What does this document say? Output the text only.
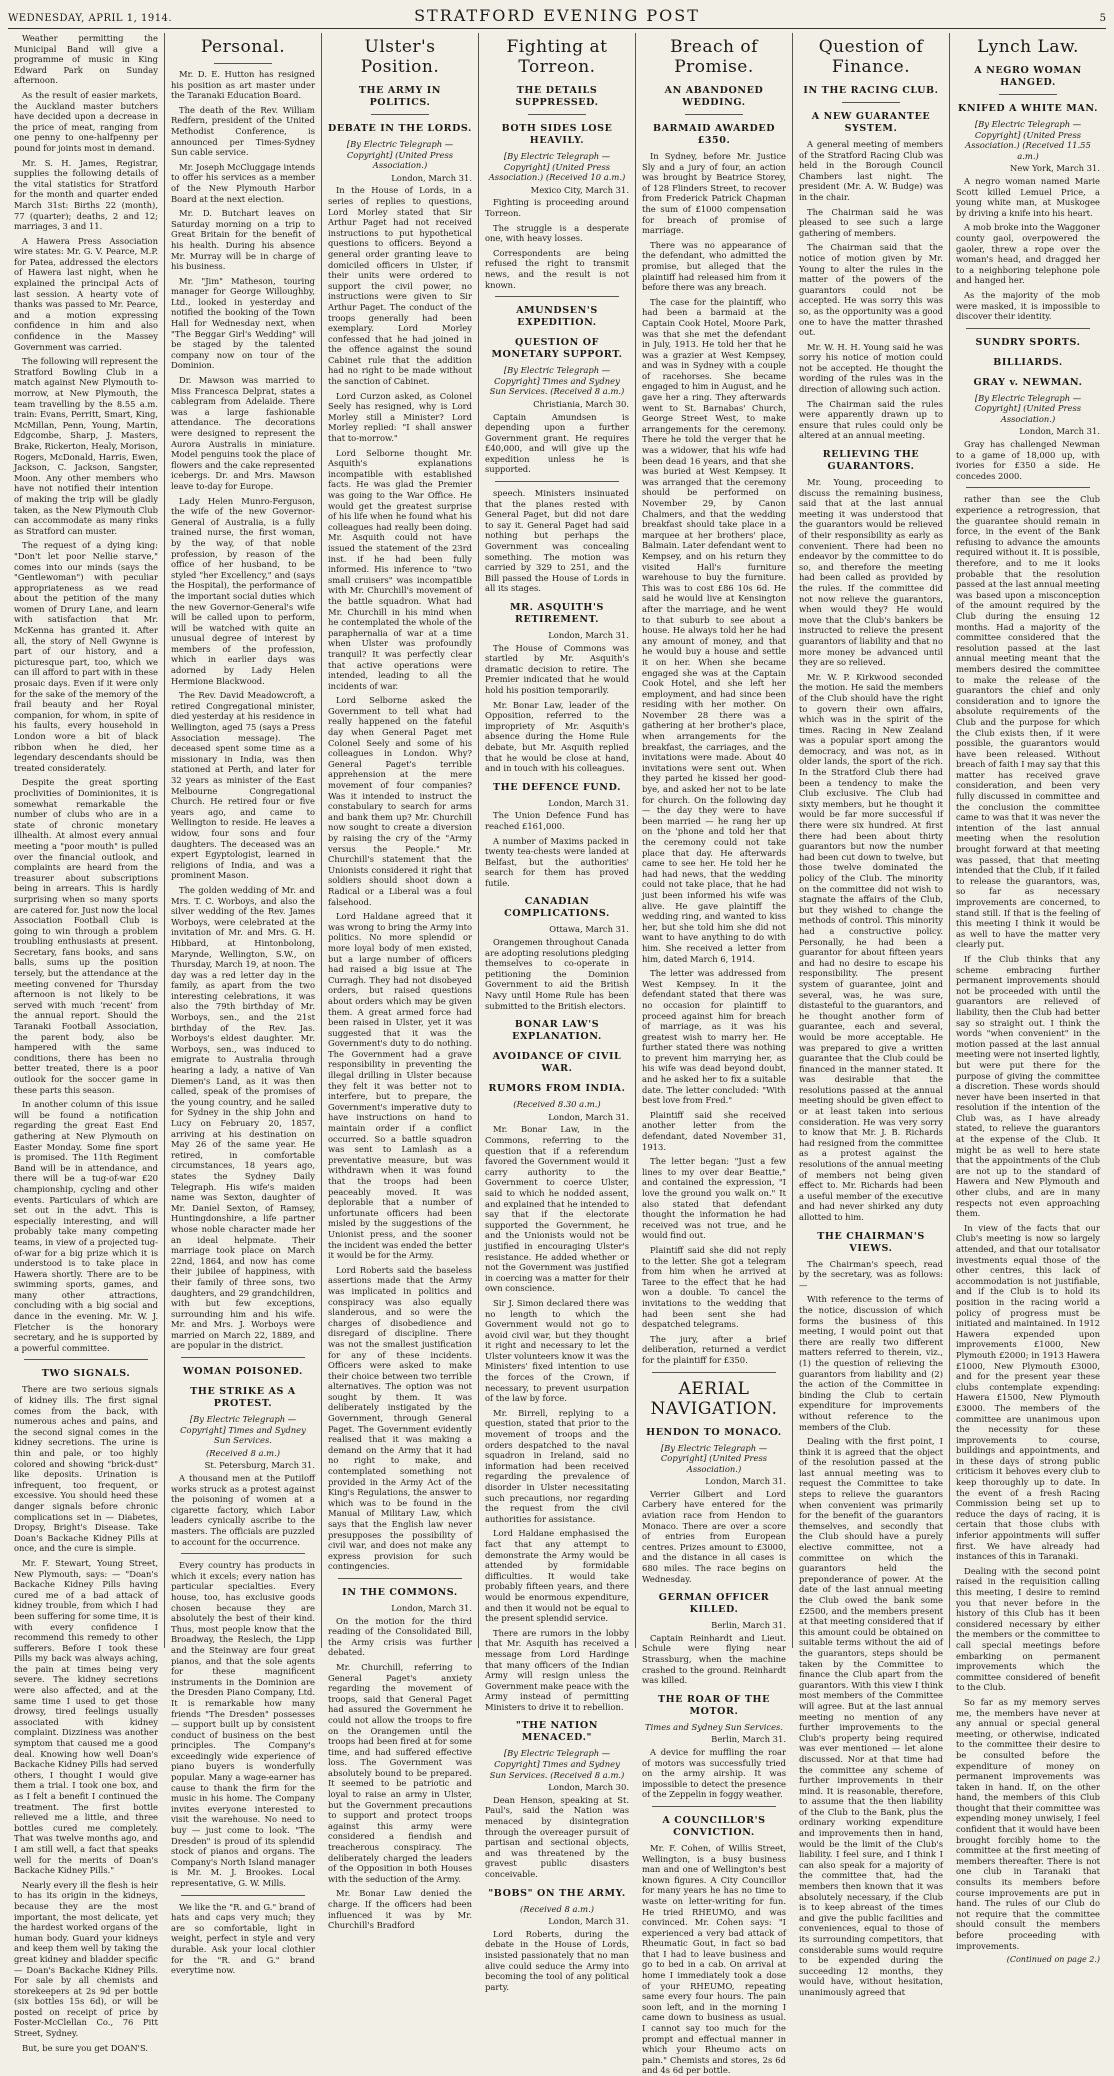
WEDNESDAY, APRIL 1, 1914.	STRATFORD EVENING POST	5

Weather permitting the Municipal Band will give a programme of music in King Edward Park on Sunday afternoon.

As the result of easier markets, the Auckland master butchers have decided upon a decrease in the price of meat, ranging from one penny to one-halfpenny per pound for joints most in demand.

Mr. S. H. James, Registrar, supplies the following details of the vital statistics for Stratford for the month and quarter ended March 31st: Births 22 (month), 77 (quarter); deaths, 2 and 12; marriages, 3 and 11.

A Hawera Press Association wire states: Mr. G. V. Pearce, M.P. for Patea, addressed the electors of Hawera last night, when he explained the principal Acts of last session. A hearty vote of thanks was passed to Mr. Pearce, and a motion expressing confidence in him and also confidence in the Massey Government was carried.

The following will represent the Stratford Bowling Club in a match against New Plymouth to-morrow, at New Plymouth, the team travelling by the 8.55 a.m. train: Evans, Perritt, Smart, King, McMillan, Penn, Young, Martin, Edgcombe, Sharp, J. Masters, Brake, Rickerton, Healy, Morison, Rogers, McDonald, Harris, Ewen, Jackson, C. Jackson, Sangster, Moon. Any other members who have not notified their intention of making the trip will be gladly taken, as the New Plymouth Club can accommodate as many rinks as Stratford can muster.

The request of a dying king: "Don't let poor Nellie starve," comes into our minds (says the "Gentlewoman") with peculiar appropriateness as we read about the petition of the many women of Drury Lane, and learn with satisfaction that Mr. McKenna has granted it. After all, the story of Nell Gwynne is part of our history, and a picturesque part, too, which we can ill afford to part with in these prosaic days. Even if it were only for the sake of the memory of the frail beauty and her Royal companion, for whom, in spite of his faults, every household in London wore a bit of black ribbon when he died, her legendary descendants should be treated considerately.

Despite the great sporting proclivities of Dominionites, it is somewhat remarkable the number of clubs who are in a state of chronic monetary illhealth. At almost every annual meeting a "poor mouth" is pulled over the financial outlook, and complaints are heard from the treasurer about subscriptions being in arrears. This is hardly surprising when so many sports are catered for. Just now the local Association Football Club is going to win through a problem troubling enthusiasts at present. Secretary, fans books, and sans balls, sums up the position tersely, but the attendance at the meeting convened for Thursday afternoon is not likely to be served with much ‘recent’ from the annual report. Should the Taranaki Football Association, the parent body, also be hampered with the same conditions, there has been no better treated, there is a poor outlook for the soccer game in these parts this season.

In another column of this issue will be found a notification regarding the great East End gathering at New Plymouth on Easter Monday. Some fine sport is promised. The 11th Regiment Band will be in attendance, and there will be a tug-of-war £20 championship, cycling and other events. Particulars of which are set out in the advt. This is especially interesting, and will probably take many competing teams, in view of a projected tug-of-war for a big prize which it is understood is to take place in Hawera shortly. There are to be swimming sports, games, and many other attractions, concluding with a big social and dance in the evening. Mr. W. J. Fletcher is the honorary secretary, and he is supported by a powerful committee.

TWO SIGNALS.

There are two serious signals of kidney ills. The first signal comes from the back, with numerous aches and pains, and the second signal comes in the kidney secretions. The urine is thin and pale, or too highly colored and showing "brick-dust" like deposits. Urination is infrequent, too frequent, or excessive. You should heed these danger signals before chronic complications set in — Diabetes, Dropsy, Bright's Disease. Take Doan's Backache Kidney Pills at once, and the cure is simple.

Mr. F. Stewart, Young Street, New Plymouth, says: — "Doan's Backache Kidney Pills having cured me of a bad attack of kidney trouble, from which I had been suffering for some time, it is with every confidence I recommend this remedy to other sufferers. Before I took these Pills my back was always aching, the pain at times being very severe. The kidney secretions were also affected, and at the same time I used to get those drowsy, tired feelings usually associated with kidney complaint. Dizziness was another symptom that caused me a good deal. Knowing how well Doan's Backache Kidney Pills had served others, I thought I would give them a trial. I took one box, and as I felt a benefit I continued the treatment. The first bottle relieved me a little, and three bottles cured me completely. That was twelve months ago, and I am still well, a fact that speaks well for the merits of Doan's Backache Kidney Pills."

Nearly every ill the flesh is heir to has its origin in the kidneys, because they are the most important, the most delicate, yet the hardest worked organs of the human body. Guard your kidneys and keep them well by taking the great kidney and bladder specific — Doan's Backache Kidney Pills. For sale by all chemists and storekeepers at 2s 9d per bottle (six bottles 15s 6d), or will be posted on receipt of price by Foster-McClellan Co., 76 Pitt Street, Sydney.

But, be sure you get DOAN'S.

Personal.

Mr. D. E. Hutton has resigned his position as art master under the Taranaki Education Board.

The death of the Rev. William Redfern, president of the United Methodist Conference, is announced per Times-Sydney Sun cable service.

Mr. Joseph McCluggage intends to offer his services as a member of the New Plymouth Harbor Board at the next election.

Mr. D. Butchart leaves on Saturday morning on a trip to Great Britain for the benefit of his health. During his absence Mr. Murray will be in charge of his business.

Mr. "Jim" Matheson, touring manager for George Willoughby, Ltd., looked in yesterday and notified the booking of the Town Hall for Wednesday next, when "The Beggar Girl's Wedding" will be staged by the talented company now on tour of the Dominion.

Dr. Mawson was married to Miss Francesca Delprat, states a cablegram from Adelaide. There was a large fashionable attendance. The decorations were designed to represent the Aurora Australis in miniature. Model penguins took the place of flowers and the cake represented icebergs. Dr. and Mrs. Mawson leave to-day for Europe.

Lady Helen Munro-Ferguson, the wife of the new Governor-General of Australia, is a fully trained nurse, the first woman, by the way, of that noble profession, by reason of the office of her husband, to be styled "her Excellency," and (says the Hospital), the performance of the important social duties which the new Governor-General's wife will be called upon to perform, will be watched with quite an unusual degree of interest by members of the profession, which in earlier days was adorned by Lady Helen Hermione Blackwood.

The Rev. David Meadowcroft, a retired Congregational minister, died yesterday at his residence in Wellington, aged 75 (says a Press Association message). The deceased spent some time as a missionary in India, was then stationed at Perth, and later for 32 years as minister of the East Melbourne Congregational Church. He retired four or five years ago, and came to Wellington to reside. He leaves a widow, four sons and four daughters. The deceased was an expert Egyptologist, learned in religions of India, and was a prominent Mason.

The golden wedding of Mr. and Mrs. T. C. Worboys, and also the silver wedding of the Rev. James Worboys, were celebrated at the invitation of Mr. and Mrs. G. H. Hibbard, at Hintonbolong, Marynde, Wellington, S.W., on Thursday, March 19, at noon. The day was a red letter day in the family, as apart from the two interesting celebrations, it was also the 79th birthday of Mr. Worboys, sen., and the 21st birthday of the Rev. Jas. Worboys's eldest daughter. Mr. Worboys, sen., was induced to emigrate to Australia through hearing a lady, a native of Van Diemen's Land, as it was then called, speak of the promises of the young country, and he sailed for Sydney in the ship John and Lucy on February 20, 1857, arriving at his destination on May 26 of the same year. He retired, in comfortable circumstances, 18 years ago, states the Sydney Daily Telegraph. His wife's maiden name was Sexton, daughter of Mr. Daniel Sexton, of Ramsey, Huntingdonshire, a life partner whose noble character made her an ideal helpmate. Their marriage took place on March 22nd, 1864, and now has come their jubilee of happiness, with their family of three sons, two daughters, and 29 grandchildren, with but few exceptions, surrounding him and his wife. Mr. and Mrs. J. Worboys were married on March 22, 1889, and are popular in the district.

WOMAN POISONED.
THE STRIKE AS A PROTEST.
[By Electric Telegraph — Copyright] Times and Sydney Sun Services.
(Received 8 a.m.)
St. Petersburg, March 31.

A thousand men at the Putiloff works struck as a protest against the poisoning of women at a cigarette factory, which Labor leaders cynically ascribe to the masters. The officials are puzzled to account for the occurrence.

Every country has products in which it excels; every nation has particular specialties. Every house, too, has exclusive goods chosen because they are absolutely the best of their kind. Thus, most people know that the Broadway, the Reslech, the Lipp and the Steinway are four great pianos, and that the sole agents for these magnificent instruments in the Dominion are the Dresden Piano Company, Ltd. It is remarkable how many friends "The Dresden" possesses — support built up by consistent conduct of business on the best principles. The Company's exceedingly wide experience of piano buyers is wonderfully popular. Many a wage-earner has cause to thank the firm for the music in his home. The Company invites everyone interested to visit the warehouse. No need to buy — just come to look. "The Dresden" is proud of its splendid stock of pianos and organs. The Company's North Island manager is Mr. M. J. Brookes. Local representative, G. W. Mills.

We like the "R. and G." brand of hats and caps very much; they are so comfortable, light in weight, perfect in style and very durable. Ask your local clothier for the "R. and G." brand everytime now.

Ulster's Position.
THE ARMY IN POLITICS.
DEBATE IN THE LORDS.
[By Electric Telegraph — Copyright] (United Press Association.)
London, March 31.

In the House of Lords, in a series of replies to questions, Lord Morley stated that Sir Arthur Paget had not received instructions to put hypothetical questions to officers. Beyond a general order granting leave to domiciled officers in Ulster, if their units were ordered to support the civil power, no instructions were given to Sir Arthur Paget. The conduct of the troops generally had been exemplary. Lord Morley confessed that he had joined in the offence against the sound Cabinet rule that the addition had no right to be made without the sanction of Cabinet.

Lord Curzon asked, as Colonel Seely has resigned, why is Lord Morley still a Minister? Lord Morley replied: "I shall answer that to-morrow."

Lord Selborne thought Mr. Asquith's explanations incompatible with established facts. He was glad the Premier was going to the War Office. He would get the greatest surprise of his life when he found what his colleagues had really been doing. Mr. Asquith could not have issued the statement of the 23rd inst. if he had been fully informed. His inference to "two small cruisers" was incompatible with Mr. Churchill's movement of the battle squadron. What had Mr. Churchill in his mind when he contemplated the whole of the paraphernalia of war at a time when Ulster was profoundly tranquil? It was perfectly clear that active operations were intended, leading to all the incidents of war.

Lord Selborne asked the Government to tell what had really happened on the fateful day when General Paget met Colonel Seely and some of his colleagues in London. Why? General Paget's terrible apprehension at the mere movement of four companies? Was it intended to instruct the constabulary to search for arms and bank them up? Mr. Churchill now sought to create a diversion by raising the cry of the "Army versus the People." Mr. Churchill's statement that the Unionists considered it right that soldiers should shoot down a Radical or a Liberal was a foul falsehood.

Lord Haldane agreed that it was wrong to bring the Army into politics. No more splendid or more loyal body of men existed, but a large number of officers had raised a big issue at The Curragh. They had not disobeyed orders, but raised questions about orders which may be given them. A great armed force had been raised in Ulster, yet it was suggested that it was the Government's duty to do nothing. The Government had a grave responsibility in preventing the illegal drilling in Ulster because they felt it was better not to interfere, but to prepare, the Government's imperative duty to have instructions on hand to maintain order if a conflict occurred. So a battle squadron was sent to Lamlash as a preventative measure, but was withdrawn when it was found that the troops had been peaceably moved. It was deplorable that a number of unfortunate officers had been misled by the suggestions of the Unionist press, and the sooner the incident was ended the better it would be for the Army.

Lord Roberts said the baseless assertions made that the Army was implicated in politics and conspiracy was also equally slanderous, and so were the charges of disobedience and disregard of discipline. There was not the smallest justification for any of these incidents. Officers were asked to make their choice between two terrible alternatives. The option was not sought by them. It was deliberately instigated by the Government, through General Paget. The Government evidently realised that it was making a demand on the Army that it had no right to make, and contemplated something not provided in the Army Act of the King's Regulations, the answer to which was to be found in the Manual of Military Law, which says that the English law never presupposes the possibility of civil war, and does not make any express provision for such contingencies.

IN THE COMMONS.
London, March 31.

On the motion for the third reading of the Consolidated Bill, the Army crisis was further debated.

Mr. Churchill, referring to General Paget's anxiety regarding the movement of troops, said that General Paget had assured the Government he could not allow the troops to fire on the Orangemen until the troops had been fired at for some time, and had suffered effective loss. The Government was absolutely bound to be prepared. It seemed to be patriotic and loyal to raise an army in Ulster, but the Government precautions to support and protect troops against this army were considered a fiendish and treacherous conspiracy. The deliberately charged the leaders of the Opposition in both Houses with the seduction of the Army.

Mr. Bonar Law denied the charge. If the officers had been influenced it was by Mr. Churchill's Bradford

Fighting at Torreon.
THE DETAILS SUPPRESSED.
BOTH SIDES LOSE HEAVILY.
[By Electric Telegraph — Copyright] (United Press Association.) (Received 10 a.m.)
Mexico City, March 31.

Fighting is proceeding around Torreon.

The struggle is a desperate one, with heavy losses.

Correspondents are being refused the right to transmit news, and the result is not known.

AMUNDSEN'S EXPEDITION.
QUESTION OF MONETARY SUPPORT.
[By Electric Telegraph — Copyright] Times and Sydney Sun Services. (Received 8 a.m.)
Christiania, March 30.

Captain Amundsen is depending upon a further Government grant. He requires £40,000, and will give up the expedition unless he is supported.

speech. Ministers insinuated that the planes rested with General Paget, but did not dare to say it. General Paget had said nothing but perhaps the Government was concealing something. The motion was carried by 329 to 251, and the Bill passed the House of Lords in all its stages.

MR. ASQUITH'S RETIREMENT.
London, March 31.

The House of Commons was startled by Mr. Asquith's dramatic decision to retire. The Premier indicated that he would hold his position temporarily.

Mr. Bonar Law, leader of the Opposition, referred to the impropriety of Mr. Asquith's absence during the Home Rule debate, but Mr. Asquith replied that he would be close at hand, and in touch with his colleagues.

THE DEFENCE FUND.
London, March 31.

The Union Defence Fund has reached £161,000.

A number of Maxims packed in twenty tea-chests were landed at Belfast, but the authorities' search for them has proved futile.

CANADIAN COMPLICATIONS.
Ottawa, March 31.

Orangemen throughout Canada are adopting resolutions pledging themselves to co-operate in petitioning the Dominion Government to aid the British Navy until Home Rule has been submitted to the British electors.

BONAR LAW'S EXPLANATION.
AVOIDANCE OF CIVIL WAR.
RUMORS FROM INDIA.
(Received 8.30 a.m.)
London, March 31.

Mr. Bonar Law, in the Commons, referring to the question that if a referendum favored the Government would it carry authority to the Government to coerce Ulster, said to which he nodded assent, and explained that he intended to say that if the electorate supported the Government, he and the Unionists would not be justified in encouraging Ulster's resistance. He added whether or not the Government was justified in coercing was a matter for their own conscience.

Sir J. Simon declared there was no length to which the Government would not go to avoid civil war, but they thought it right and necessary to let the Ulster volunteers know it was the Ministers' fixed intention to use the forces of the Crown, if necessary, to prevent usurpation of the law by force.

Mr. Birrell, replying to a question, stated that prior to the movement of troops and the orders despatched to the naval squadron in Ireland, said no information had been received regarding the prevalence of disorder in Ulster necessitating such precautions, nor regarding the request from the civil authorities for assistance.

Lord Haldane emphasised the fact that any attempt to demonstrate the Army would be attended by formidable difficulties. It would take probably fifteen years, and there would be enormous expenditure, and then it would not be equal to the present splendid service.

There are rumors in the lobby that Mr. Asquith has received a message from Lord Hardinge that many officers of the Indian Army will resign unless the Government make peace with the Army instead of permitting Ministers to drive it to rebellion.

"THE NATION MENACED."
[By Electric Telegraph — Copyright] Times and Sydney Sun Services. (Received 8 a.m.)
London, March 30.

Dean Henson, speaking at St. Paul's, said the Nation was menaced by disintegration through the overeager pursuit of partisan and sectional objects, and was threatened by the gravest public disasters conceivable.

"BOBS" ON THE ARMY.
(Received 8 a.m.)
London, March 31.

Lord Roberts, during the debate in the House of Lords, insisted passionately that no man alive could seduce the Army into becoming the tool of any political party.

Breach of Promise.
AN ABANDONED WEDDING.
BARMAID AWARDED £350.

In Sydney, before Mr. Justice Sly and a jury of four, an action was brought by Beatrice Storey, of 128 Flinders Street, to recover from Frederick Patrick Chapman the sum of £1000 compensation for breach of promise of marriage.

There was no appearance of the defendant, who admitted the promise, but alleged that the plaintiff had released him from it before there was any breach.

The case for the plaintiff, who had been a barmaid at the Captain Cook Hotel, Moore Park, was that she met the defendant in July, 1913. He told her that he was a grazier at West Kempsey, and was in Sydney with a couple of racehorses. She became engaged to him in August, and he gave her a ring. They afterwards went to St. Barnabas' Church, George Street West, to make arrangements for the ceremony. There he told the verger that he was a widower, that his wife had been dead 16 years, and that she was buried at West Kempsey. It was arranged that the ceremony should be performed on November 29, by Canon Chalmers, and that the wedding breakfast should take place in a marquee at her brothers' place, Balmain. Later defendant went to Kempsey, and on his return they visited Hall's furniture warehouse to buy the furniture. This was to cost £86 10s 6d. He said he would live at Kensington after the marriage, and he went to that suburb to see about a house. He always told her he had any amount of money, and that he would buy a house and settle it on her. When she became engaged she was at the Captain Cook Hotel, and she left her employment, and had since been residing with her mother. On November 28 there was a gathering at her brother's place, when arrangements for the breakfast, the carriages, and the invitations were made. About 40 invitations were sent out. When they parted he kissed her good-bye, and asked her not to be late for church. On the following day — the day they were to have been married — he rang her up on the 'phone and told her that the ceremony could not take place that day. He afterwards came to see her. He told her he had had news, that the wedding could not take place, that he had just been informed his wife was alive. He gave plaintiff the wedding ring, and wanted to kiss her, but she told him she did not want to have anything to do with him. She received a letter from him, dated March 6, 1914.

The letter was addressed from West Kempsey. In it the defendant stated that there was no occasion for plaintiff to proceed against him for breach of marriage, as it was his greatest wish to marry her. He further stated there was nothing to prevent him marrying her, as his wife was dead beyond doubt, and he asked her to fix a suitable date. The letter concluded: "With best love from Fred."

Plaintiff said she received another letter from the defendant, dated November 31, 1913.

The letter began: "Just a few lines to my over dear Beattie," and contained the expression, "I love the ground you walk on." It also stated that defendant thought the information he had received was not true, and he would find out.

Plaintiff said she did not reply to the letter. She got a telegram from him when he arrived at Taree to the effect that he had won a double. To cancel the invitations to the wedding that had been sent she had despatched telegrams.

The jury, after a brief deliberation, returned a verdict for the plaintiff for £350.

AERIAL NAVIGATION.
HENDON TO MONACO.
[By Electric Telegraph — Copyright] (United Press Association.)
London, March 31.

Verrier Gilbert and Lord Carbery have entered for the aviation race from Hendon to Monaco. There are over a score of entries from European centres. Prizes amount to £3000, and the distance in all cases is 680 miles. The race begins on Wednesday.

GERMAN OFFICER KILLED.
Berlin, March 31.

Captain Reinhardt and Lieut. Schule were flying near Strassburg, when the machine crashed to the ground. Reinhardt was killed.

THE ROAR OF THE MOTOR.
Times and Sydney Sun Services.
Berlin, March 31.

A device for muffling the roar of motors was successfully tried on the army airship. It was impossible to detect the presence of the Zeppelin in foggy weather.

A COUNCILLOR'S CONVICTION.

Mr. F. Cohen, of Willis Street, Wellington, is a busy business man and one of Wellington's best known figures. A City Councillor for many years he has no time to waste on letter-writing for fun. He tried RHEUMO, and was convinced. Mr. Cohen says: "I experienced a very bad attack of Rheumatic Gout, in fact so bad that I had to leave business and go to bed in a cab. On arrival at home I immediately took a dose of your RHEUMO, repeating same every four hours. The pain soon left, and in the morning I came down to business as usual. I cannot say too much for the prompt and effectual manner in which your Rheumo acts on pain." Chemists and stores, 2s 6d and 4s 6d per bottle.

Question of Finance.
IN THE RACING CLUB.
A NEW GUARANTEE SYSTEM.

A general meeting of members of the Stratford Racing Club was held in the Borough Council Chambers last night. The president (Mr. A. W. Budge) was in the chair.

The Chairman said he was pleased to see such a large gathering of members.

The Chairman said that the notice of motion given by Mr. Young to alter the rules in the matter of the powers of the guarantors could not be accepted. He was sorry this was so, as the opportunity was a good one to have the matter thrashed out.

Mr. W. H. H. Young said he was sorry his notice of motion could not be accepted. He thought the wording of the rules was in the direction of allowing such action.

The Chairman said the rules were apparently drawn up to ensure that rules could only be altered at an annual meeting.

RELIEVING THE GUARANTORS.

Mr. Young, proceeding to discuss the remaining business, said that at the last annual meeting it was understood that the guarantors would be relieved of their responsibility as early as convenient. There had been no endeavor by the committee to do so, and therefore the meeting had been called as provided by the rules. If the committee did not now relieve the guarantors, when would they? He would move that the Club's bankers be instructed to relieve the present guarantors of liability and that no more money be advanced until they are so relieved.

Mr. W. P. Kirkwood seconded the motion. He said the members of the Club should have the right to govern their own affairs, which was in the spirit of the times. Racing in New Zealand was a popular sport among the democracy, and was not, as in older lands, the sport of the rich. In the Stratford Club there had been a tendency to make the Club exclusive. The Club had sixty members, but he thought it would be far more successful if there were six hundred. At first there had been about thirty guarantors but now the number had been cut down to twelve, but those twelve dominated the policy of the Club. The minority on the committee did not wish to stagnate the affairs of the Club, but they wished to change the methods of control. This minority had a constructive policy. Personally, he had been a guarantor for about fifteen years and had no desire to escape his responsibility. The present system of guarantee, joint and several, was, he was sure, distasteful to the guarantors, and he thought another form of guarantee, each and several, would be more acceptable. He was prepared to give a written guarantee that the Club could be financed in the manner stated. It was desirable that the resolutions passed at the annual meeting should be given effect to or at least taken into serious consideration. He was very sorry to know that Mr. J. B. Richards had resigned from the committee as a protest against the resolutions of the annual meeting of members not being given effect to. Mr. Richards had been a useful member of the executive and had never shirked any duty allotted to him.

THE CHAIRMAN'S VIEWS.

The Chairman's speech, read by the secretary, was as follows: —

With reference to the terms of the notice, discussion of which forms the business of this meeting, I would point out that there are really two different matters referred to therein, viz., (1) the question of relieving the guarantors from liability and (2) the action of the Committee in binding the Club to certain expenditure for improvements without reference to the members of the Club.

Dealing with the first point, I think it is agreed that the object of the resolution passed at the last annual meeting was to request the Committee to take steps to relieve the guarantors when convenient was primarily for the benefit of the guarantors themselves, and secondly that the Club should have a purely elective committee, not a committee on which the guarantors held the preponderance of power. At the date of the last annual meeting the Club owed the bank some £2500, and the members present at that meeting considered that if this amount could be obtained on suitable terms without the aid of the guarantors, steps should be taken by the Committee to finance the Club apart from the guarantors. With this view I think most members of the Committee will agree. But at the last annual meeting no mention of any further improvements to the Club's property being required was ever mentioned — let alone discussed. Nor at that time had the committee any scheme of further improvements in their mind. It is reasonable, therefore, to assume that the then liability of the Club to the Bank, plus the ordinary working expenditure and improvements then in hand, would be the limit of the Club's liability. I feel sure, and I think I can also speak for a majority of the committee that, had the members then known that it was absolutely necessary, if the Club is to keep abreast of the times and give the public facilities and conveniences, equal to those of its surrounding competitors, that considerable sums would require to be expended during the succeeding 12 months, they would have, without hesitation, unanimously agreed that

Lynch Law.
A NEGRO WOMAN HANGED.
KNIFED A WHITE MAN.
[By Electric Telegraph — Copyright] (United Press Association.) (Received 11.55 a.m.)
New York, March 31.

A negro woman named Marie Scott killed Lemuel Price, a young white man, at Muskogee by driving a knife into his heart.

A mob broke into the Waggoner county gaol, overpowered the gaoler, threw a rope over the woman's head, and dragged her to a neighboring telephone pole and hanged her.

As the majority of the mob were masked, it is impossible to discover their identity.

SUNDRY SPORTS.
BILLIARDS.
GRAY v. NEWMAN.
[By Electric Telegraph — Copyright] (United Press Association.)
London, March 31.

Gray has challenged Newman to a game of 18,000 up, with ivories for £350 a side. He concedes 2000.

rather than see the Club experience a retrogression, that the guarantee should remain in force, in the event of the Bank refusing to advance the amounts required without it. It is possible, therefore, and to me it looks probable that the resolution passed at the last annual meeting was based upon a misconception of the amount required by the Club during the ensuing 12 months. Had a majority of the committee considered that the resolution passed at the last annual meeting meant that the members desired the committee to make the release of the guarantors the chief and only consideration and to ignore the absolute requirements of the Club and the purpose for which the Club exists then, if it were possible, the guarantors would have been released. Without breach of faith I may say that this matter has received grave consideration, and been very fully discussed in committee and the conclusion the committee came to was that it was never the intention of the last annual meeting when the resolution brought forward at that meeting was passed, that that meeting intended that the Club, if it failed to release the guarantors, was, so far as necessary improvements are concerned, to stand still. If that is the feeling of this meeting I think it would be as well to have the matter very clearly put.

If the Club thinks that any scheme embracing further permanent improvements should not be proceeded with until the guarantors are relieved of liability, then the Club had better say so straight out. I think the words "when convenient" in the motion passed at the last annual meeting were not inserted lightly, but were put there for the purpose of giving the committee a discretion. These words should never have been inserted in that resolution if the intention of the Club was, as I have already stated, to relieve the guarantors at the expense of the Club. It might be as well to here state that the appointments of the Club are not up to the standard of Hawera and New Plymouth and other clubs, and are in many respects not even approaching them.

In view of the facts that our Club's meeting is now so largely attended, and that our totalisator investments equal those of the other centres, this lack of accommodation is not justifiable, and if the Club is to hold its position in the racing world a policy of progress must be initiated and maintained. In 1912 Hawera expended upon improvements £1000, New Plymouth £2000; in 1913 Hawera £1000, New Plymouth £3000, and for the present year these clubs contemplate expending: Hawera £1500, New Plymouth £3000. The members of the committee are unanimous upon the necessity for these improvements to course, buildings and appointments, and in these days of strong public criticism it behoves every club to keep thoroughly up to date. In the event of a fresh Racing Commission being set up to reduce the days of racing, it is certain that those clubs with inferior appointments will suffer first. We have already had instances of this in Taranaki.

Dealing with the second point raised in the requisition calling this meeting, I desire to remind you that never before in the history of this Club has it been considered necessary by either the members or the committee to call special meetings before embarking on permanent improvements which the committee considered of benefit to the Club.

So far as my memory serves me, the members have never at any annual or special general meeting, or otherwise, indicated to the committee their desire to be consulted before the expenditure of money on permanent improvements was taken in hand. If, on the other hand, the members of this Club thought that their committee was expending money unwisely, I feel confident that it would have been brought forcibly home to the committee at the first meeting of members thereafter. There is not one club in Taranaki that consults its members before course improvements are put in hand. The rules of our Club do not require that the committee should consult the members before proceeding with improvements.

(Continued on page 2.)
